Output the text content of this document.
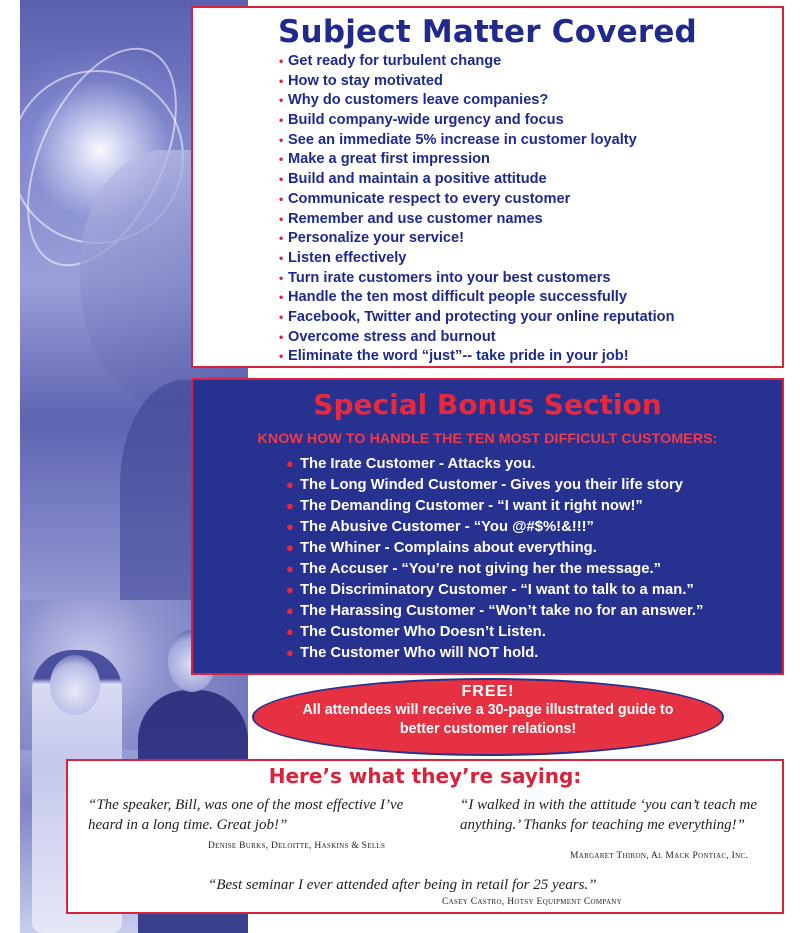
Subject Matter Covered
• Get ready for turbulent change
• How to stay motivated
• Why do customers leave companies?
• Build company-wide urgency and focus
• See an immediate 5% increase in customer loyalty
• Make a great first impression
• Build and maintain a positive attitude
• Communicate respect to every customer
• Remember and use customer names
• Personalize your service!
• Listen effectively
• Turn irate customers into your best customers
• Handle the ten most difficult people successfully
• Facebook, Twitter and protecting your online reputation
• Overcome stress and burnout
• Eliminate the word “just”-- take pride in your job!
Special Bonus Section
KNOW HOW TO HANDLE THE TEN MOST DIFFICULT CUSTOMERS:
● The Irate Customer - Attacks you.
● The Long Winded Customer - Gives you their life story
● The Demanding Customer - “I want it right now!”
● The Abusive Customer - “You @#$%!&!!!”
● The Whiner - Complains about everything.
● The Accuser - “You’re not giving her the message.”
● The Discriminatory Customer - “I want to talk to a man.”
● The Harassing Customer - “Won’t take no for an answer.”
● The Customer Who Doesn’t Listen.
● The Customer Who will NOT hold.
FREE!
All attendees will receive a 30-page illustrated guide to better customer relations!
Here’s what they’re saying:
“The speaker, Bill, was one of the most effective I’ve heard in a long time. Great job!”
Denise Burks, Deloitte, Haskins & Sells
“I walked in with the attitude ‘you can’t teach me anything.’ Thanks for teaching me everything!”
Margaret Thiron, Al Mack Pontiac, Inc.
“Best seminar I ever attended after being in retail for 25 years.”
Casey Castro, Hotsy Equipment Company
